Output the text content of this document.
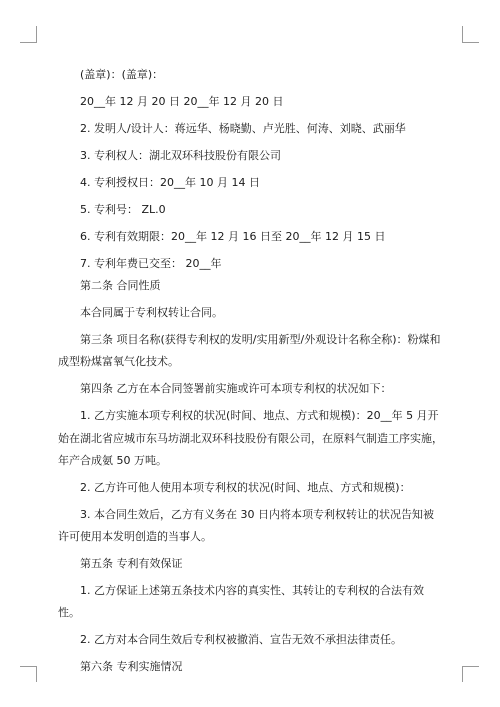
(盖章)：(盖章)：

20__年 12 月 20 日 20__年 12 月 20 日

2. 发明人/设计人：蒋远华、杨晓勤、卢光胜、何涛、刘晓、武丽华

3. 专利权人：湖北双环科技股份有限公司

4. 专利授权日：20__年 10 月 14 日

5. 专利号： ZL.0

6. 专利有效期限：20__年 12 月 16 日至 20__年 12 月 15 日

7. 专利年费已交至： 20__年

第二条 合同性质

本合同属于专利权转让合同。

第三条 项目名称(获得专利权的发明/实用新型/外观设计名称全称)：粉煤和成型粉煤富氧气化技术。

第四条 乙方在本合同签署前实施或许可本项专利权的状况如下：

1. 乙方实施本项专利权的状况(时间、地点、方式和规模)：20__年 5 月开始在湖北省应城市东马坊湖北双环科技股份有限公司，在原料气制造工序实施，年产合成氨 50 万吨。

2. 乙方许可他人使用本项专利权的状况(时间、地点、方式和规模)：

3. 本合同生效后，乙方有义务在 30 日内将本项专利权转让的状况告知被许可使用本发明创造的当事人。

第五条 专利有效保证

1. 乙方保证上述第五条技术内容的真实性、其转让的专利权的合法有效性。

2. 乙方对本合同生效后专利权被撤消、宣告无效不承担法律责任。

第六条 专利实施情况
